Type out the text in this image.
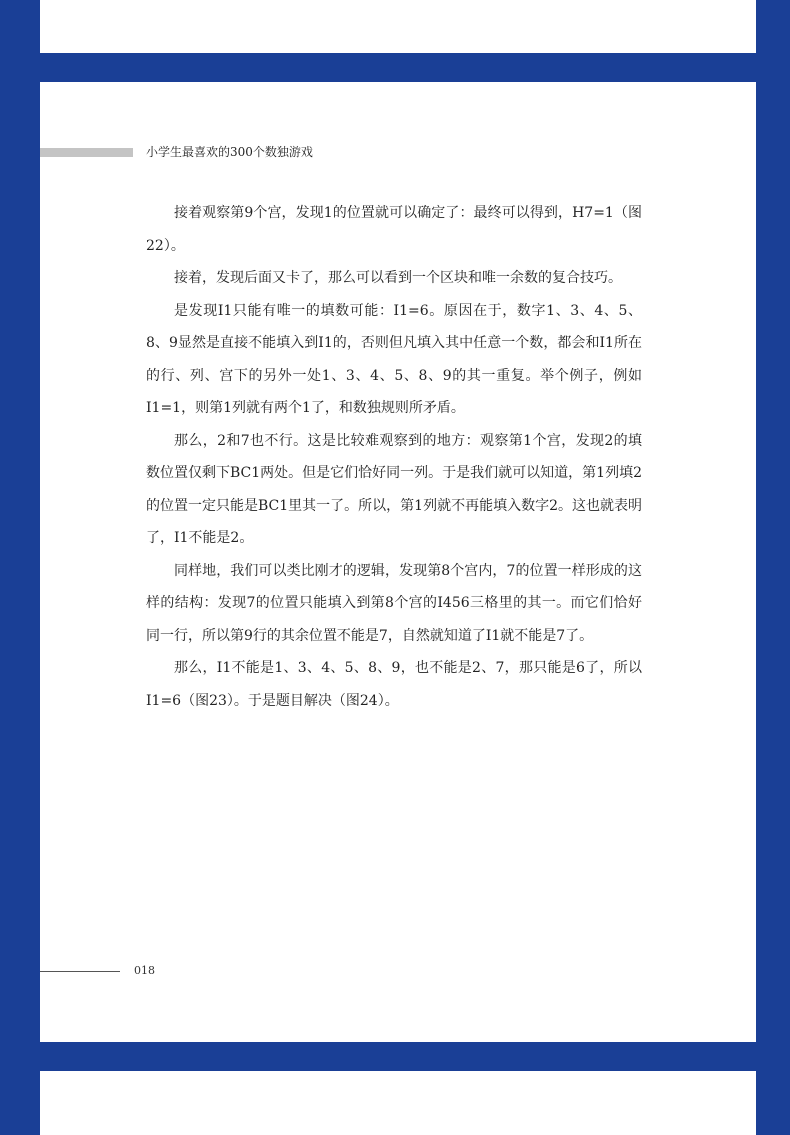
小学生最喜欢的300个数独游戏

接着观察第9个宫，发现1的位置就可以确定了：最终可以得到，H7=1（图22）。

接着，发现后面又卡了，那么可以看到一个区块和唯一余数的复合技巧。

是发现I1只能有唯一的填数可能：I1=6。原因在于，数字1、3、4、5、8、9显然是直接不能填入到I1的，否则但凡填入其中任意一个数，都会和I1所在的行、列、宫下的另外一处1、3、4、5、8、9的其一重复。举个例子，例如I1=1，则第1列就有两个1了，和数独规则所矛盾。

那么，2和7也不行。这是比较难观察到的地方：观察第1个宫，发现2的填数位置仅剩下BC1两处。但是它们恰好同一列。于是我们就可以知道，第1列填2的位置一定只能是BC1里其一了。所以，第1列就不再能填入数字2。这也就表明了，I1不能是2。

同样地，我们可以类比刚才的逻辑，发现第8个宫内，7的位置一样形成的这样的结构：发现7的位置只能填入到第8个宫的I456三格里的其一。而它们恰好同一行，所以第9行的其余位置不能是7，自然就知道了I1就不能是7了。

那么，I1不能是1、3、4、5、8、9，也不能是2、7，那只能是6了，所以I1=6（图23）。于是题目解决（图24）。

018
